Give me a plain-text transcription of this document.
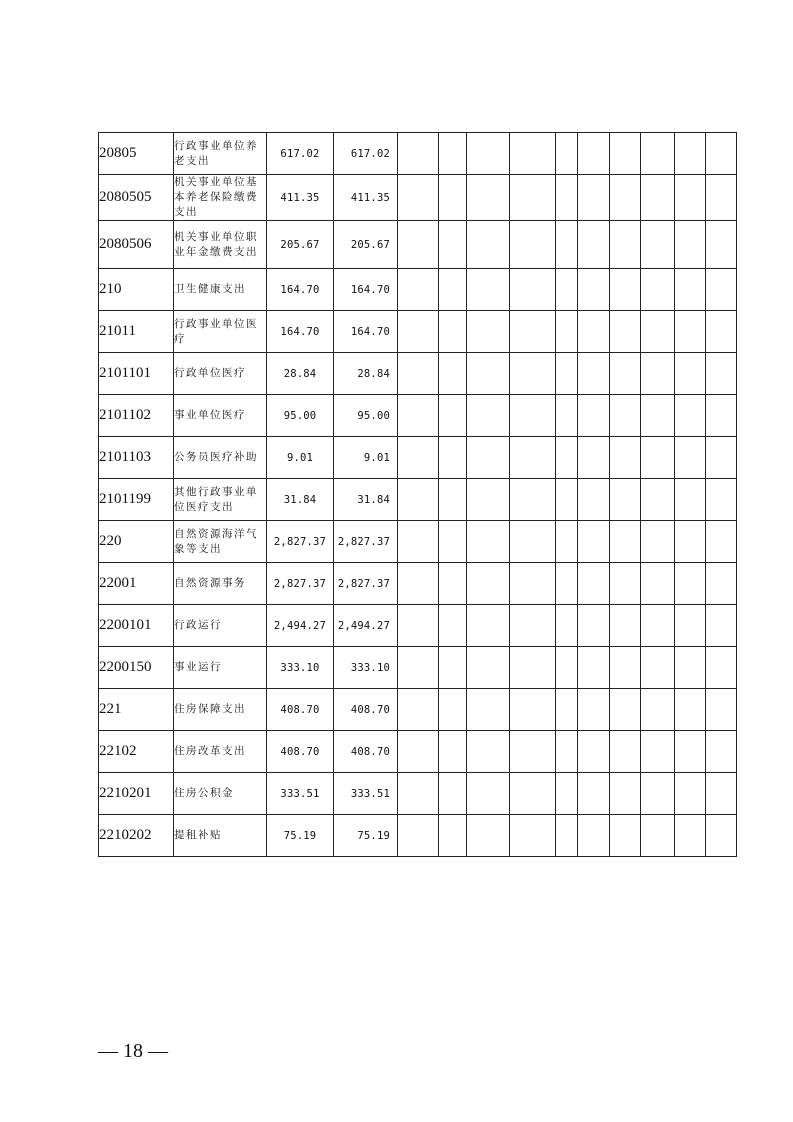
20805	行政事业单位养老支出	617.02	617.02										
2080505	机关事业单位基本养老保险缴费支出	411.35	411.35										
2080506	机关事业单位职业年金缴费支出	205.67	205.67										
210	卫生健康支出	164.70	164.70										
21011	行政事业单位医疗	164.70	164.70										
2101101	行政单位医疗	28.84	28.84										
2101102	事业单位医疗	95.00	95.00										
2101103	公务员医疗补助	9.01	9.01										
2101199	其他行政事业单位医疗支出	31.84	31.84										
220	自然资源海洋气象等支出	2,827.37	2,827.37										
22001	自然资源事务	2,827.37	2,827.37										
2200101	行政运行	2,494.27	2,494.27										
2200150	事业运行	333.10	333.10										
221	住房保障支出	408.70	408.70										
22102	住房改革支出	408.70	408.70										
2210201	住房公积金	333.51	333.51										
2210202	提租补贴	75.19	75.19										
— 18 —
